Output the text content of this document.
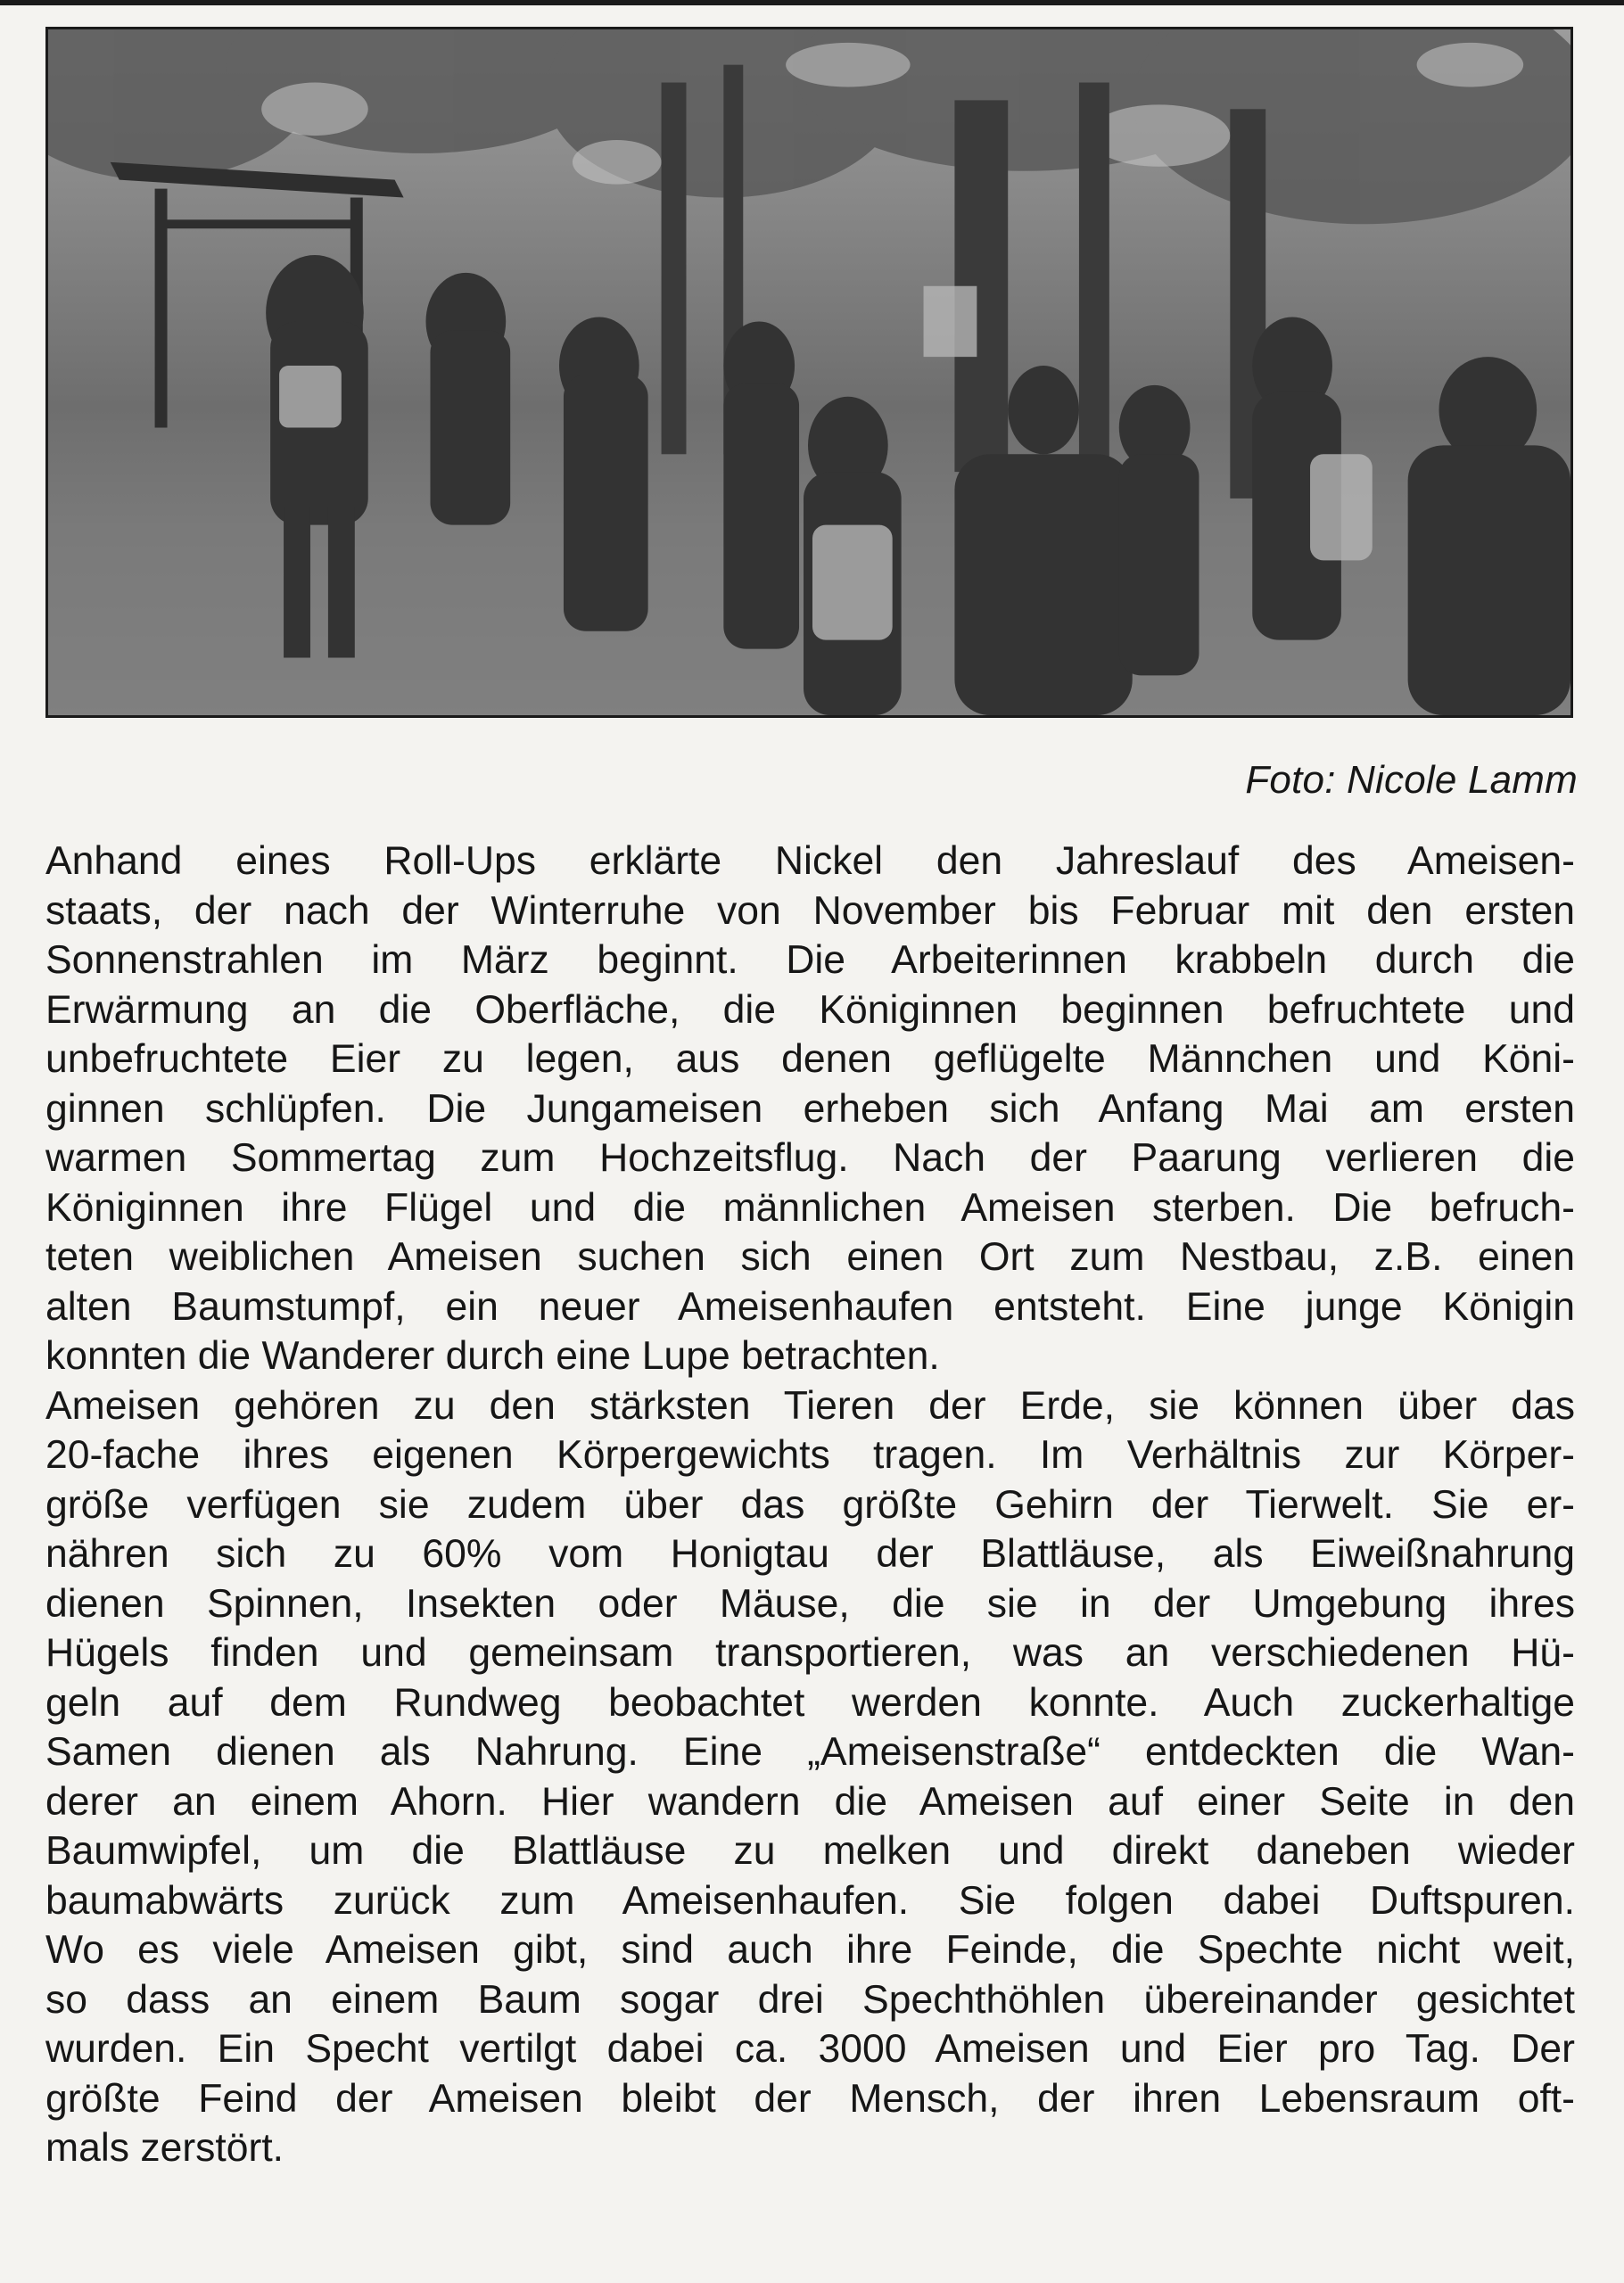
Foto: Nicole Lamm
Anhand eines Roll-Ups erklärte Nickel den Jahreslauf des Ameisen-
staats, der nach der Winterruhe von November bis Februar mit den ersten
Sonnenstrahlen im März beginnt. Die Arbeiterinnen krabbeln durch die
Erwärmung an die Oberfläche, die Königinnen beginnen befruchtete und
unbefruchtete Eier zu legen, aus denen geflügelte Männchen und Köni-
ginnen schlüpfen. Die Jungameisen erheben sich Anfang Mai am ersten
warmen Sommertag zum Hochzeitsflug. Nach der Paarung verlieren die
Königinnen ihre Flügel und die männlichen Ameisen sterben. Die befruch-
teten weiblichen Ameisen suchen sich einen Ort zum Nestbau, z.B. einen
alten Baumstumpf, ein neuer Ameisenhaufen entsteht. Eine junge Königin
konnten die Wanderer durch eine Lupe betrachten.
Ameisen gehören zu den stärksten Tieren der Erde, sie können über das
20-fache ihres eigenen Körpergewichts tragen. Im Verhältnis zur Körper-
größe verfügen sie zudem über das größte Gehirn der Tierwelt. Sie er-
nähren sich zu 60% vom Honigtau der Blattläuse, als Eiweißnahrung
dienen Spinnen, Insekten oder Mäuse, die sie in der Umgebung ihres
Hügels finden und gemeinsam transportieren, was an verschiedenen Hü-
geln auf dem Rundweg beobachtet werden konnte. Auch zuckerhaltige
Samen dienen als Nahrung. Eine „Ameisenstraße“ entdeckten die Wan-
derer an einem Ahorn. Hier wandern die Ameisen auf einer Seite in den
Baumwipfel, um die Blattläuse zu melken und direkt daneben wieder
baumabwärts zurück zum Ameisenhaufen. Sie folgen dabei Duftspuren.
Wo es viele Ameisen gibt, sind auch ihre Feinde, die Spechte nicht weit,
so dass an einem Baum sogar drei Spechthöhlen übereinander gesichtet
wurden. Ein Specht vertilgt dabei ca. 3000 Ameisen und Eier pro Tag. Der
größte Feind der Ameisen bleibt der Mensch, der ihren Lebensraum oft-
mals zerstört.
